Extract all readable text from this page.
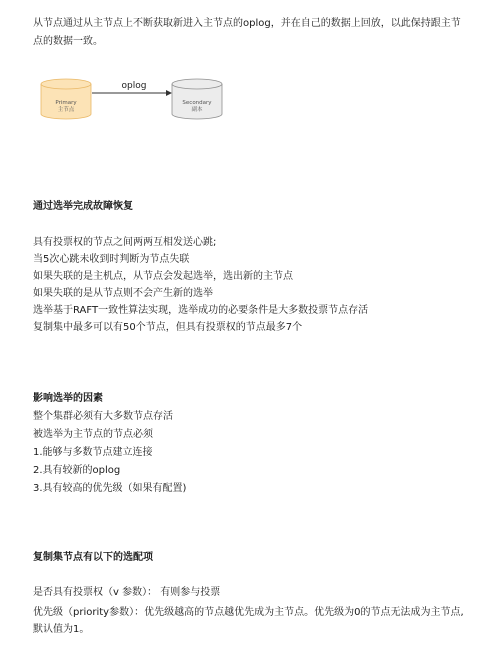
从节点通过从主节点上不断获取新进入主节点的oplog，并在自己的数据上回放，以此保持跟主节点的数据一致。

Primary
主节点
oplog
Secondary
副本

通过选举完成故障恢复

具有投票权的节点之间两两互相发送心跳;

当5次心跳未收到时判断为节点失联

如果失联的是主机点，从节点会发起选举，选出新的主节点

如果失联的是从节点则不会产生新的选举

选举基于RAFT一致性算法实现，选举成功的必要条件是大多数投票节点存活

复制集中最多可以有50个节点，但具有投票权的节点最多7个

影响选举的因素

整个集群必须有大多数节点存活

被选举为主节点的节点必须

1.能够与多数节点建立连接

2.具有较新的oplog

3.具有较高的优先级（如果有配置)

复制集节点有以下的选配项

是否具有投票权（v 参数）： 有则参与投票

优先级（priority参数）：优先级越高的节点越优先成为主节点。优先级为0的节点无法成为主节点,默认值为1。
